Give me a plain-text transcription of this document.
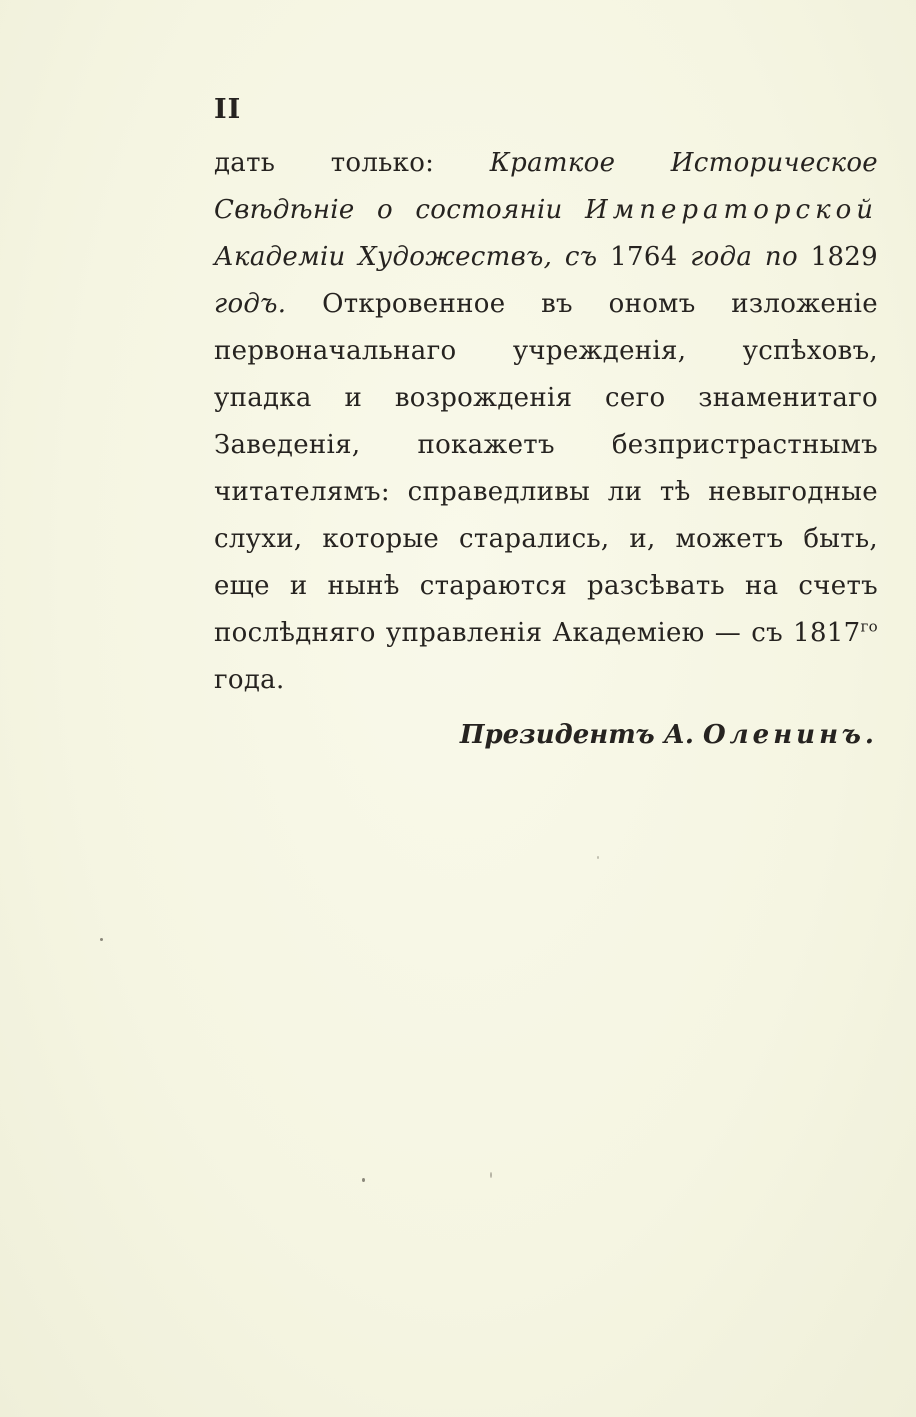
II

дать только: Краткое Историческое Свѣдѣніе о состояніи Императорской Академіи Художествъ, съ 1764 года по 1829 годъ. Откровенное въ ономъ изложеніе первоначальнаго учрежденія, успѣховъ, упадка и возрожденія сего знаменитаго Заведенія, покажетъ безпристрастнымъ читателямъ: справедливы ли тѣ невыгодные слухи, которые старались, и, можетъ быть, еще и нынѣ стараются разсѣвать на счетъ послѣдняго управленія Академіею — съ $1817^{го}$ года.

Президентъ А. Оленинъ.
